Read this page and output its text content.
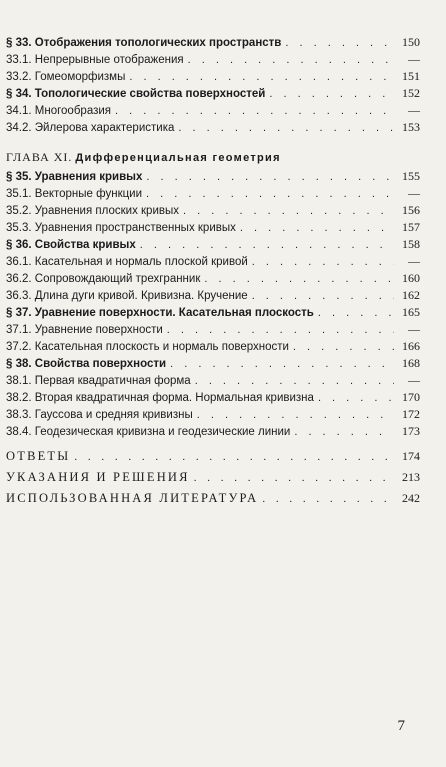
§ 33. Отображения топологических пространств . . .	150
33.1. Непрерывные отображения . . .	—
33.2. Гомеоморфизмы . . .	151
§ 34. Топологические свойства поверхностей . . .	152
34.1. Многообразия . . .	—
34.2. Эйлерова характеристика . . .	153
ГЛАВА XI. Дифференциальная геометрия
§ 35. Уравнения кривых . . .	155
35.1. Векторные функции . . .	—
35.2. Уравнения плоских кривых . . .	156
35.3. Уравнения пространственных кривых . . .	157
§ 36. Свойства кривых . . .	158
36.1. Касательная и нормаль плоской кривой . . .	—
36.2. Сопровождающий трехгранник . . .	160
36.3. Длина дуги кривой. Кривизна. Кручение . . .	162
§ 37. Уравнение поверхности. Касательная плоскость . . .	165
37.1. Уравнение поверхности . . .	—
37.2. Касательная плоскость и нормаль поверхности . . .	166
§ 38. Свойства поверхности . . .	168
38.1. Первая квадратичная форма . . .	—
38.2. Вторая квадратичная форма. Нормальная кривизна . . .	170
38.3. Гауссова и средняя кривизны . . .	172
38.4. Геодезическая кривизна и геодезические линии . . .	173
ОТВЕТЫ . . .	174
УКАЗАНИЯ И РЕШЕНИЯ . . .	213
ИСПОЛЬЗОВАННАЯ ЛИТЕРАТУРА . . .	242
7
